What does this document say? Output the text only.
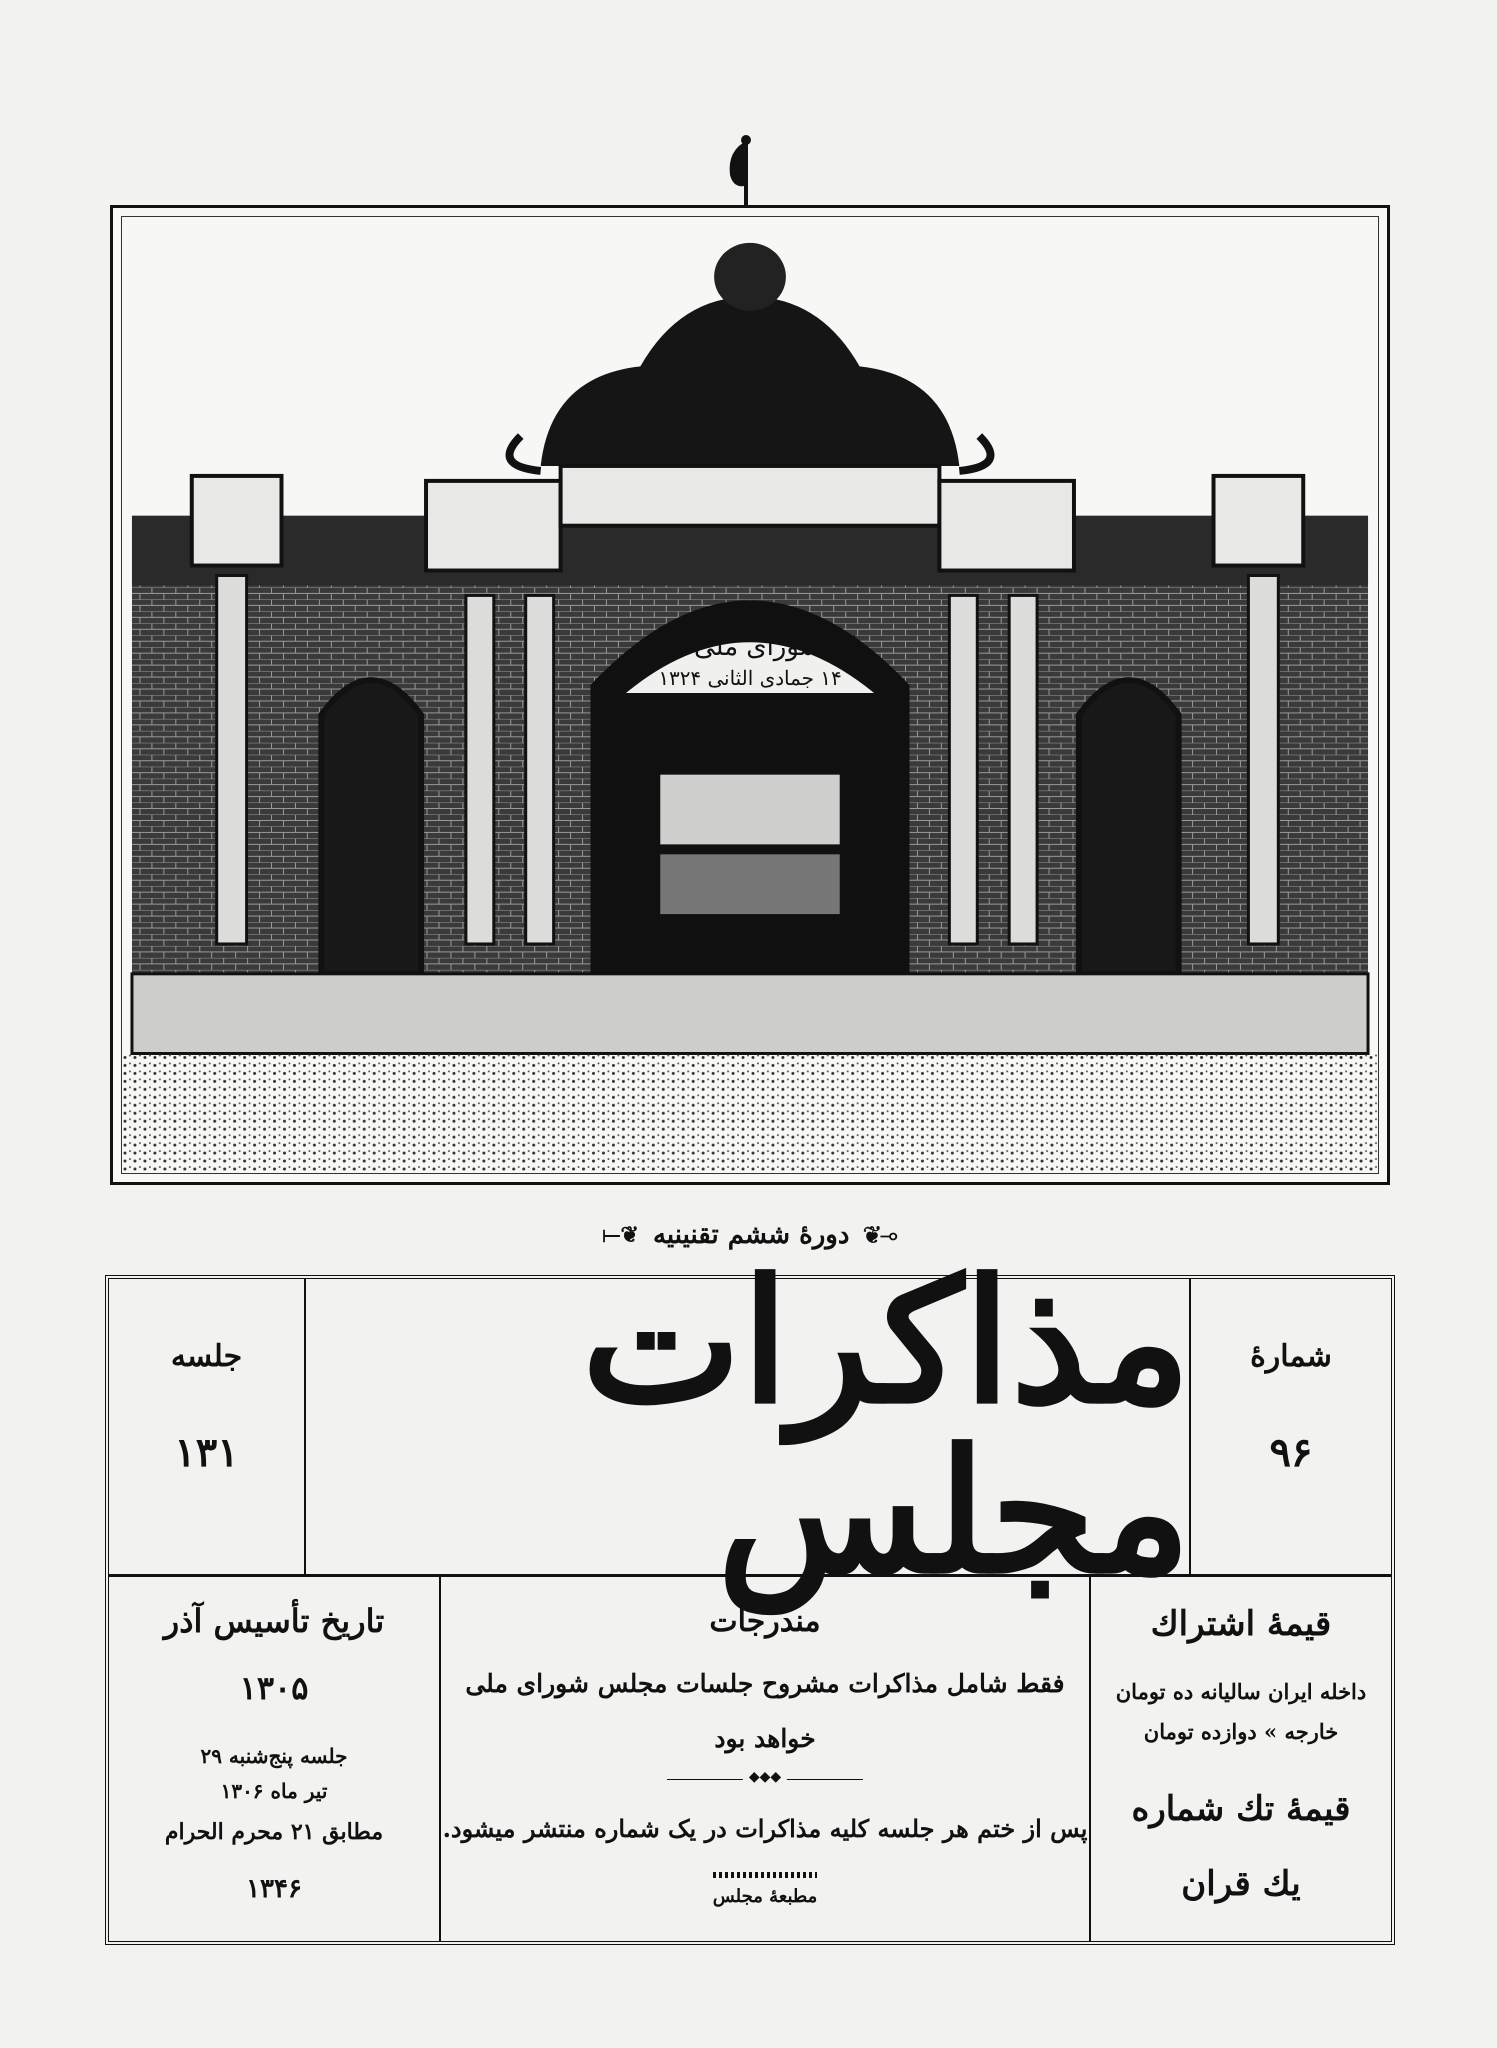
دارالشورای ملی ایران
۱۴ جمادی الثانی ۱۳۲۴
⟜❦
دورۀ ششم تقنینیه
❦⟞
شمارۀ
۹۶
مذاکرات مجلس
جلسه
۱۳۱
قیمۀ اشتراك
داخله ایران سالیانه ده تومان
خارجه » دوازده تومان
قیمۀ تك شماره
یك قران
مندرجات
فقط شامل مذاکرات مشروح جلسات مجلس شورای ملی
خواهد بود
◆◆◆
پس از ختم هر جلسه کلیه مذاکرات در یک شماره منتشر میشود.
مطبعۀ مجلس
تاریخ تأسیس آذر
۱۳۰۵
جلسه پنج‌شنبه ۲۹
تیر ماه ۱۳۰۶
مطابق ۲۱ محرم الحرام
۱۳۴۶
